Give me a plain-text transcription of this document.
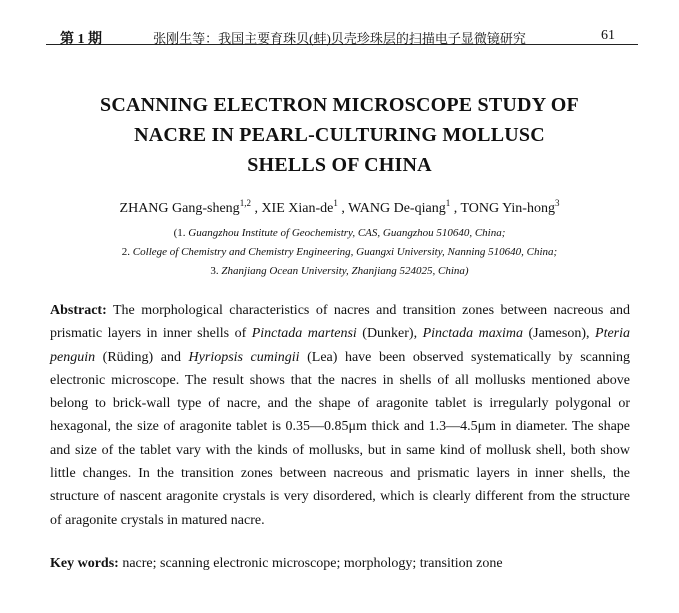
第 1 期	张刚生等：我国主要育珠贝(蚌)贝壳珍珠层的扫描电子显微镜研究	61
SCANNING ELECTRON MICROSCOPE STUDY OF
NACRE IN PEARL-CULTURING MOLLUSC
SHELLS OF CHINA
ZHANG Gang-sheng$^{1,2}$ , XIE Xian-$de^1$ , WANG De-qiang$^1$ , TONG Yin-hong$^3$
(1. Guangzhou Institute of Geochemistry, CAS, Guangzhou 510640, China;
2. College of Chemistry and Chemistry Engineering, Guangxi University, Nanning 510640, China;
3. Zhanjiang Ocean University, Zhanjiang 524025, China)

Abstract: The morphological characteristics of nacres and transition zones between nacreous and prismatic layers in inner shells of Pinctada martensi (Dunker), Pinctada maxima (Jameson), Pteria penguin (Rüding) and Hyriopsis cumingii (Lea) have been observed systematically by scanning electronic microscope. The result shows that the nacres in shells of all mollusks mentioned above belong to brick-wall type of nacre, and the shape of aragonite tablet is irregularly polygonal or hexagonal, the size of aragonite tablet is 0.35—0.85μm thick and 1.3—4.5μm in diameter. The shape and size of the tablet vary with the kinds of mollusks, but in same kind of mollusk shell, both show little changes. In the transition zones between nacreous and prismatic layers in inner shells, the structure of nascent aragonite crystals is very disordered, which is clearly different from the structure of aragonite crystals in matured nacre.

Key words: nacre; scanning electronic microscope; morphology; transition zone
